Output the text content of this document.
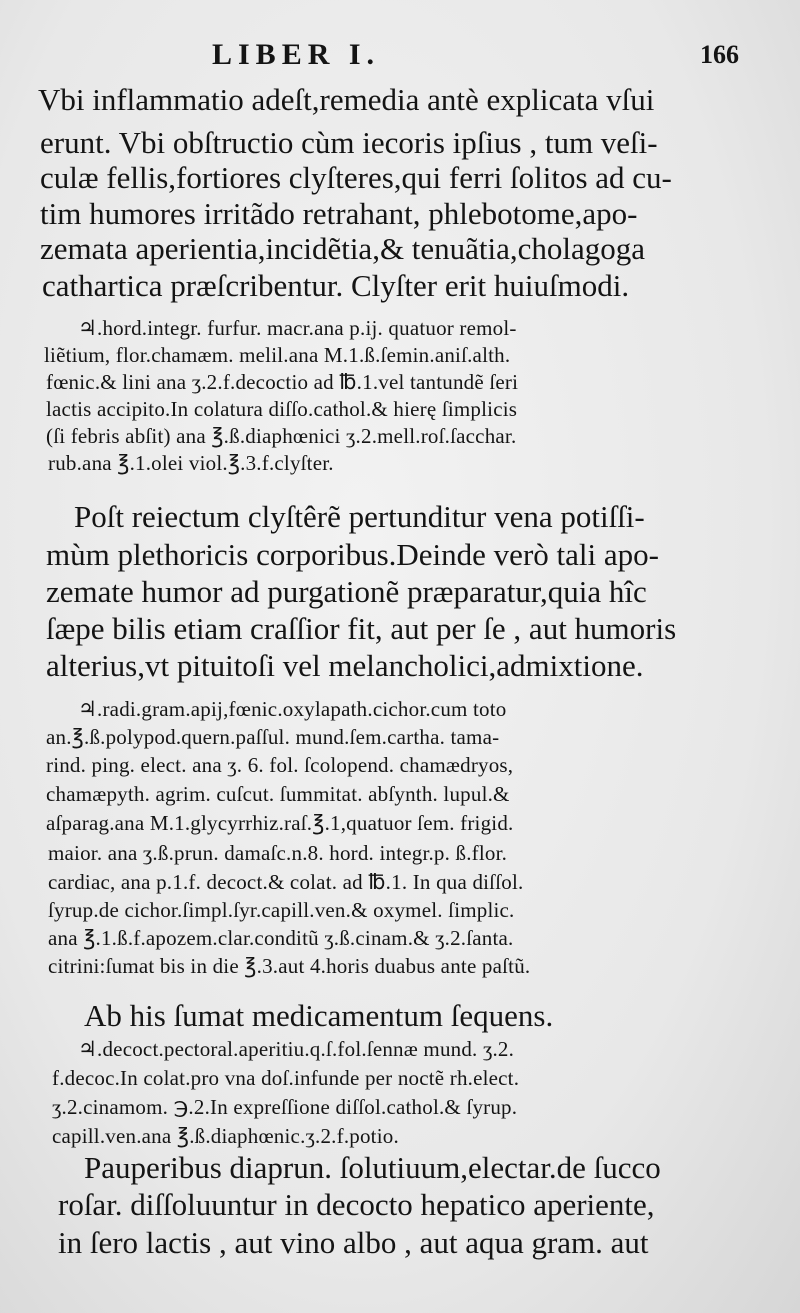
LIBER I.	166
Vbi inflammatio adeſt,remedia antè explicata vſui
erunt. Vbi obſtructio cùm iecoris ipſius , tum veſi-
culæ fellis,fortiores clyſteres,qui ferri ſolitos ad cu-
tim humores irritãdo retrahant, phlebotome,apo-
zemata aperientia,incidẽtia,& tenuãtia,cholagoga
cathartica præſcribentur. Clyſter erit huiuſmodi.
♃.hord.integr. furfur. macr.ana p.ij. quatuor remol-
liẽtium, flor.chamæm. melil.ana M.1.ß.ſemin.aniſ.alth.
fœnic.& lini ana ʒ.2.f.decoctio ad ℔.1.vel tantundẽ ſeri
lactis accipito.In colatura diſſo.cathol.& hierę ſimplicis
(ſi febris abſit) ana ℥.ß.diaphœnici ʒ.2.mell.roſ.ſacchar.
rub.ana ℥.1.olei viol.℥.3.f.clyſter.
Poſt reiectum clyſtêrẽ pertunditur vena potiſſi-
mùm plethoricis corporibus.Deinde verò tali apo-
zemate humor ad purgationẽ præparatur,quia hîc
ſæpe bilis etiam craſſior fit, aut per ſe , aut humoris
alterius,vt pituitoſi vel melancholici,admixtione.
♃.radi.gram.apij,fœnic.oxylapath.cichor.cum toto
an.℥.ß.polypod.quern.paſſul. mund.ſem.cartha. tama-
rind. ping. elect. ana ʒ. 6. fol. ſcolopend. chamædryos,
chamæpyth. agrim. cuſcut. ſummitat. abſynth. lupul.&
aſparag.ana M.1.glycyrrhiz.raſ.℥.1,quatuor ſem. frigid.
maior. ana ʒ.ß.prun. damaſc.n.8. hord. integr.p. ß.flor.
cardiac, ana p.1.f. decoct.& colat. ad ℔.1. In qua diſſol.
ſyrup.de cichor.ſimpl.ſyr.capill.ven.& oxymel. ſimplic.
ana ℥.1.ß.f.apozem.clar.conditũ ʒ.ß.cinam.& ʒ.2.ſanta.
citrini:ſumat bis in die ℥.3.aut 4.horis duabus ante paſtũ.
Ab his ſumat medicamentum ſequens.
♃.decoct.pectoral.aperitiu.q.ſ.fol.ſennæ mund. ʒ.2.
f.decoc.In colat.pro vna doſ.infunde per noctẽ rh.elect.
ʒ.2.cinamom. ℈.2.In expreſſione diſſol.cathol.& ſyrup.
capill.ven.ana ℥.ß.diaphœnic.ʒ.2.f.potio.
Pauperibus diaprun. ſolutiuum,electar.de ſucco
roſar. diſſoluuntur in decocto hepatico aperiente,
in ſero lactis , aut vino albo , aut aqua gram. aut
